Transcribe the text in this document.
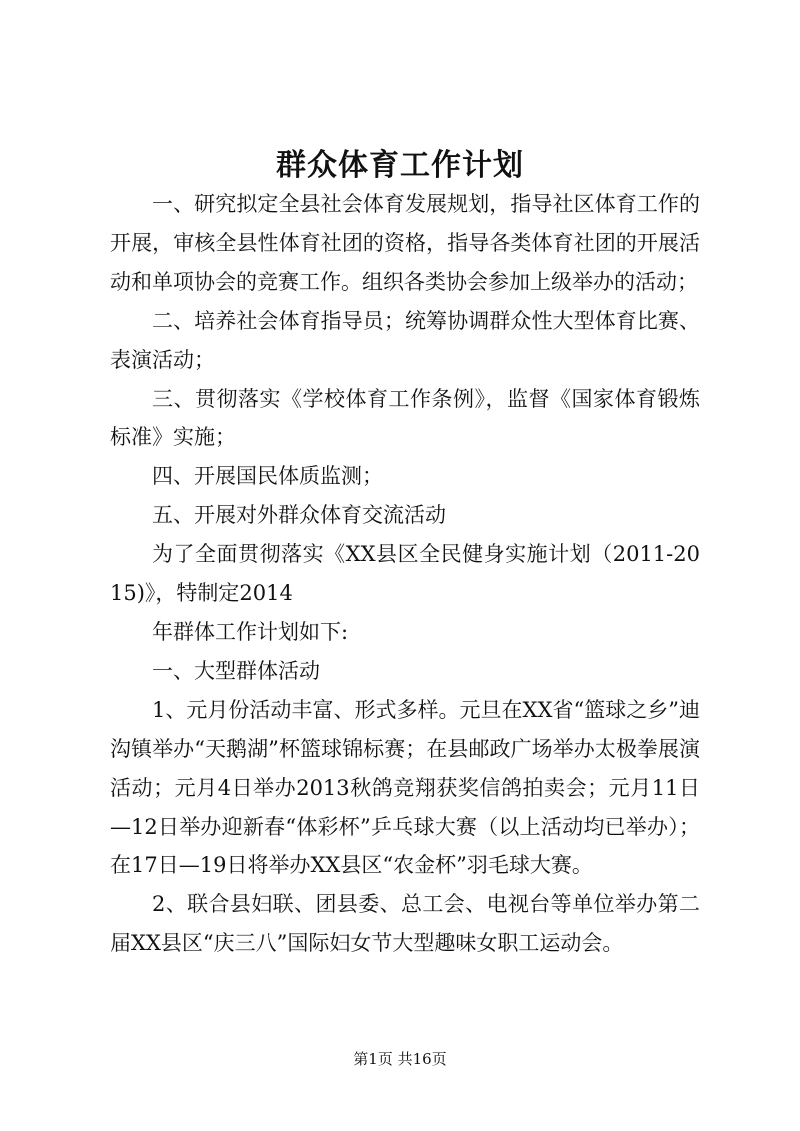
群众体育工作计划

一、研究拟定全县社会体育发展规划，指导社区体育工作的开展，审核全县性体育社团的资格，指导各类体育社团的开展活动和单项协会的竞赛工作。组织各类协会参加上级举办的活动；

二、培养社会体育指导员；统筹协调群众性大型体育比赛、表演活动；

三、贯彻落实《学校体育工作条例》，监督《国家体育锻炼标准》实施；

四、开展国民体质监测；

五、开展对外群众体育交流活动

为了全面贯彻落实《XX县区全民健身实施计划（2011-2015)》，特制定2014

年群体工作计划如下:

一、大型群体活动

1、元月份活动丰富、形式多样。元旦在XX省“篮球之乡”迪沟镇举办“天鹅湖”杯篮球锦标赛；在县邮政广场举办太极拳展演活动；元月4日举办2013秋鸽竞翔获奖信鸽拍卖会；元月11日—12日举办迎新春“体彩杯”乒乓球大赛（以上活动均已举办）；在17日—19日将举办XX县区“农金杯”羽毛球大赛。

2、联合县妇联、团县委、总工会、电视台等单位举办第二届XX县区“庆三八”国际妇女节大型趣味女职工运动会。

第1页 共16页
